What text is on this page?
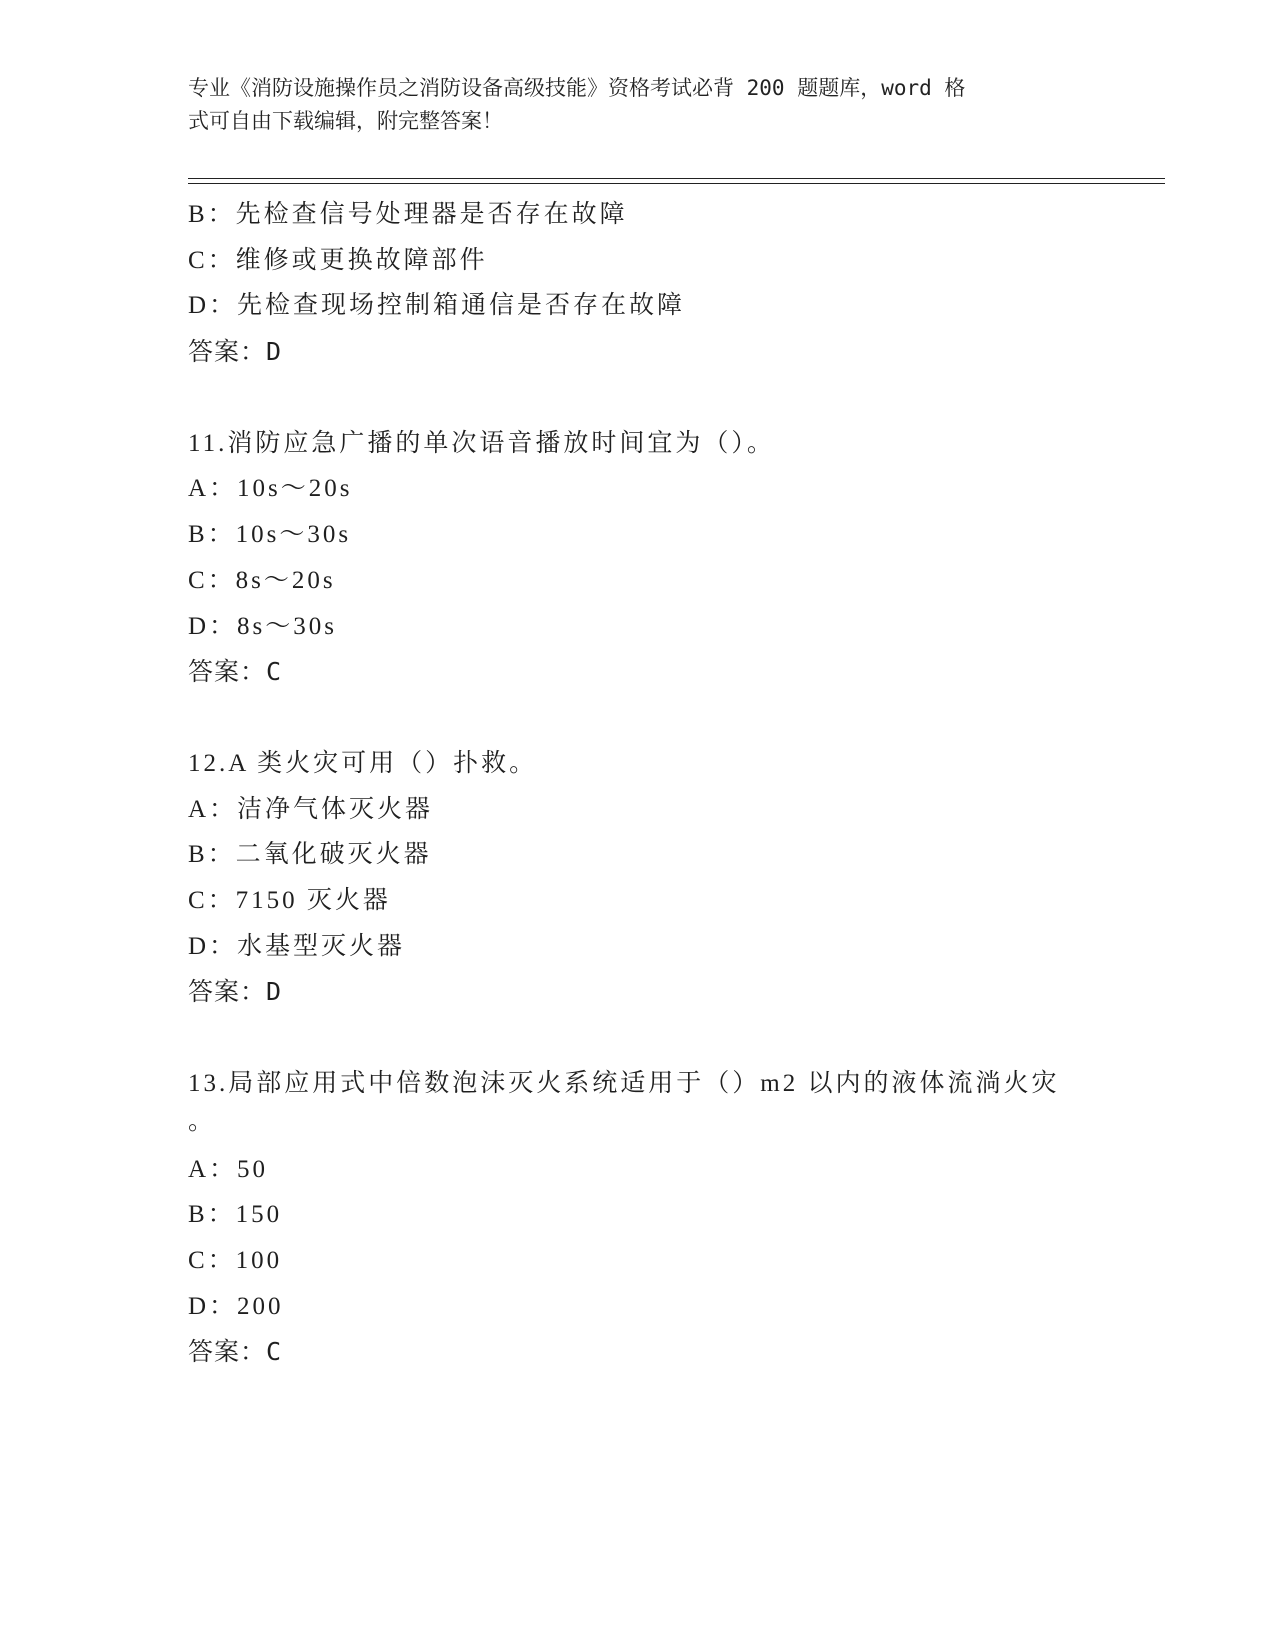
专业《消防设施操作员之消防设备高级技能》资格考试必背 200 题题库，word 格
式可自由下载编辑，附完整答案！
B：先检查信号处理器是否存在故障
C：维修或更换故障部件
D：先检查现场控制箱通信是否存在故障
答案：D
11.消防应急广播的单次语音播放时间宜为（）。
A：10s～20s
B：10s～30s
C：8s～20s
D：8s～30s
答案：C
12.A 类火灾可用（）扑救。
A：洁净气体灭火器
B：二氧化破灭火器
C：7150 灭火器
D：水基型灭火器
答案：D
13.局部应用式中倍数泡沫灭火系统适用于（）m2 以内的液体流淌火灾
。
A：50
B：150
C：100
D：200
答案：C
